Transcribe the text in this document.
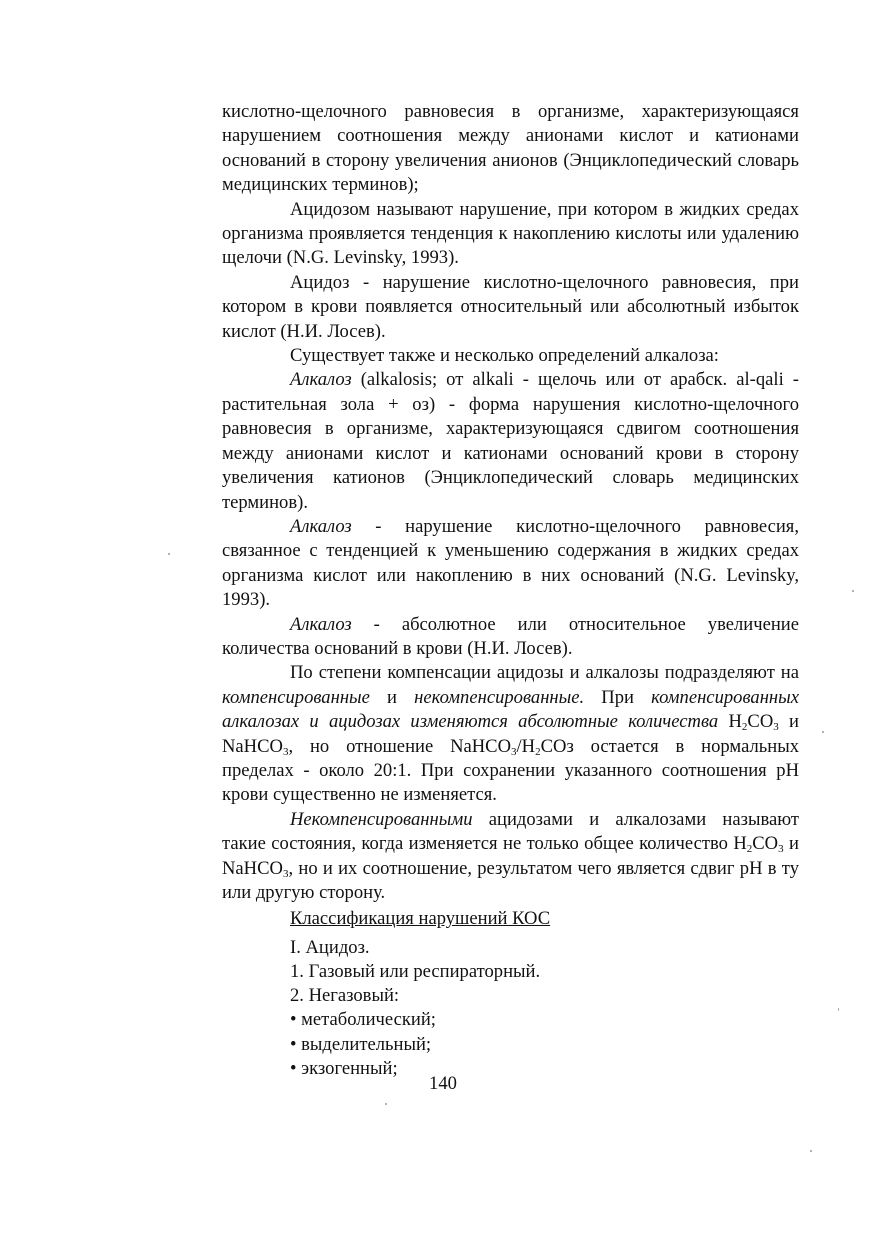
кислотно-щелочного равновесия в организме, характеризующаяся нарушением соотношения между анионами кислот и катионами оснований в сторону увеличения анионов (Энциклопедический словарь медицинских терминов);

Ацидозом называют нарушение, при котором в жидких средах организма проявляется тенденция к накоплению кислоты или удалению щелочи (N.G. Levinsky, 1993).

Ацидоз - нарушение кислотно-щелочного равновесия, при котором в крови появляется относительный или абсолютный избыток кислот (Н.И. Лосев).

Существует также и несколько определений алкалоза:

Алкалоз (alkalosis; от alkali - щелочь или от арабск. al-qali - растительная зола + оз) - форма нарушения кислотно-щелочного равновесия в организме, характеризующаяся сдвигом соотношения между анионами кислот и катионами оснований крови в сторону увеличения катионов (Энциклопедический словарь медицинских терминов).

Алкалоз - нарушение кислотно-щелочного равновесия, связанное с тенденцией к уменьшению содержания в жидких средах организма кислот или накоплению в них оснований (N.G. Levinsky, 1993).

Алкалоз - абсолютное или относительное увеличение количества оснований в крови (Н.И. Лосев).

По степени компенсации ацидозы и алкалозы подразделяют на компенсированные и некомпенсированные. При компенсированных алкалозах и ацидозах изменяются абсолютные количества $H_2CO_3$ и NaHCO$_3$, но отношение $NaHCO_3/H_2COз$ остается в нормальных пределах - около 20:1. При сохранении указанного соотношения pH крови существенно не изменяется.

Некомпенсированными ацидозами и алкалозами называют такие состояния, когда изменяется не только общее количество $H_2CO_3$ и NaHCO$_3$, но и их соотношение, результатом чего является сдвиг pH в ту или другую сторону.

Классификация нарушений КОС

I. Ацидоз.

1. Газовый или респираторный.

2. Негазовый:

• метаболический;

• выделительный;

• экзогенный;

140
